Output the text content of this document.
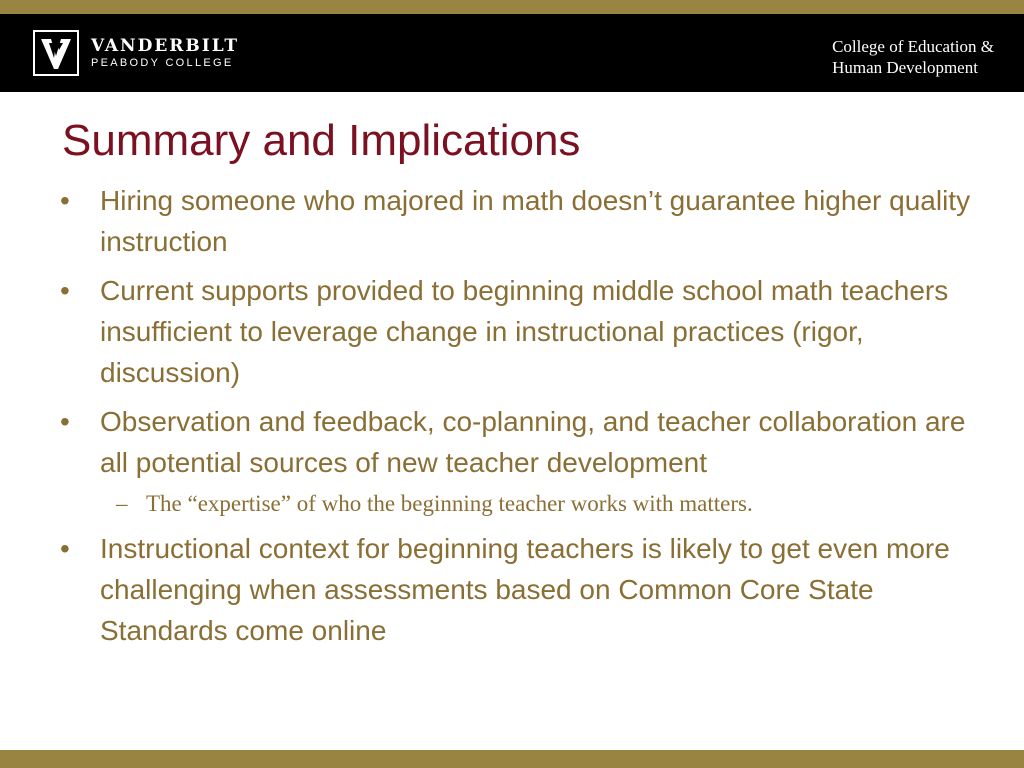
VANDERBILT
PEABODY COLLEGE
College of Education &
Human Development
Summary and Implications
• Hiring someone who majored in math doesn’t guarantee higher quality instruction
• Current supports provided to beginning middle school math teachers insufficient to leverage change in instructional practices (rigor, discussion)
• Observation and feedback, co-planning, and teacher collaboration are all potential sources of new teacher development
– The “expertise” of who the beginning teacher works with matters.
• Instructional context for beginning teachers is likely to get even more challenging when assessments based on Common Core State Standards come online
